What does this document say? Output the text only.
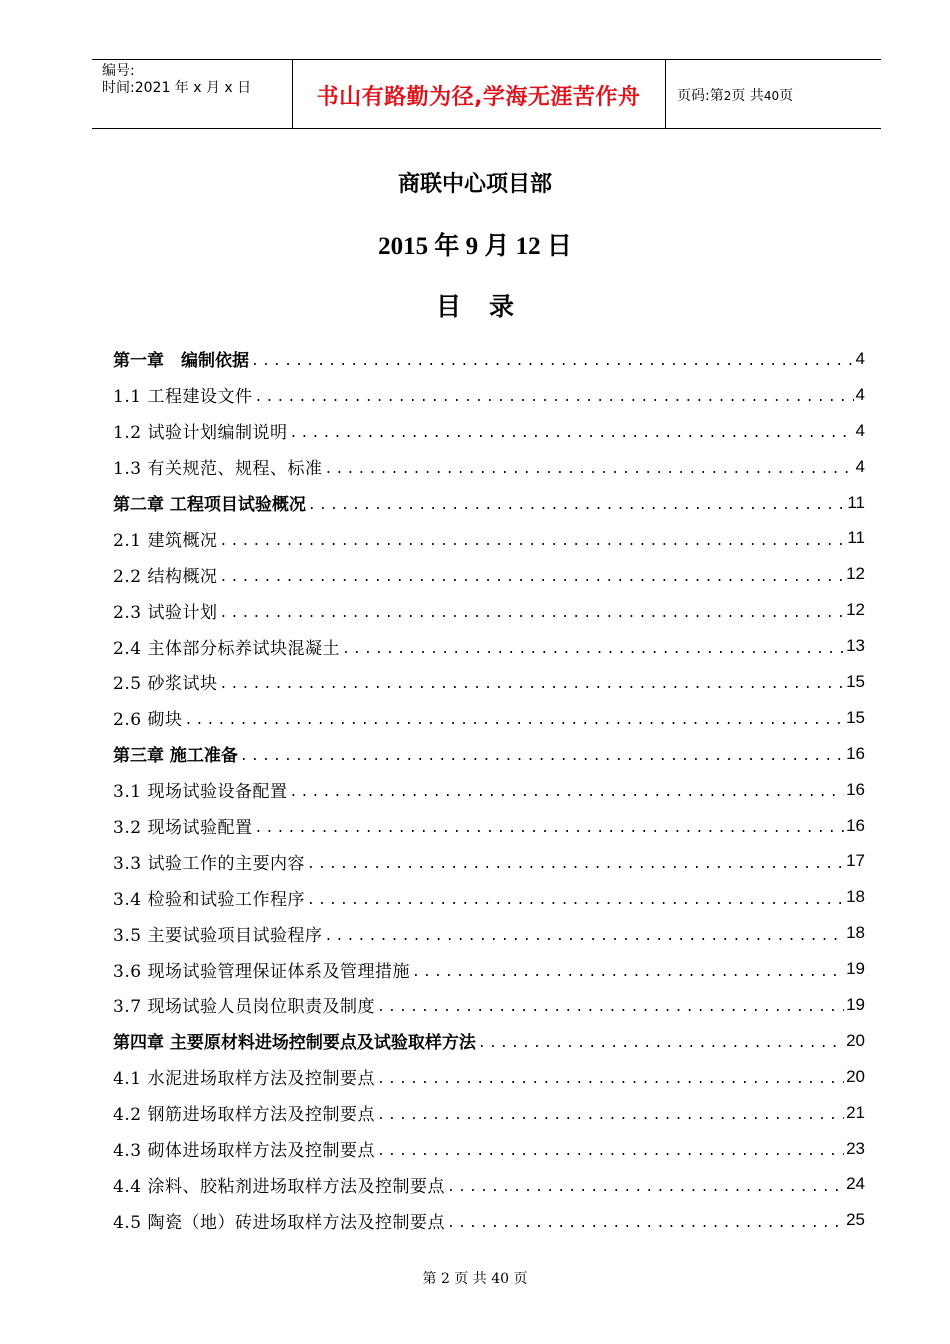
编号:
时间:2021 年 x 月 x 日	书山有路勤为径,学海无涯苦作舟	页码:第2页 共40页
商联中心项目部
2015 年 9 月 12 日
目录
第一章　编制依据 .....	4
1.1 工程建设文件 .....	4
1.2 试验计划编制说明 .....	4
1.3 有关规范、规程、标准 .....	4
第二章 工程项目试验概况 .....	11
2.1 建筑概况 .....	11
2.2 结构概况 .....	12
2.3 试验计划 .....	12
2.4 主体部分标养试块混凝土 .....	13
2.5 砂浆试块 .....	15
2.6 砌块 .....	15
第三章 施工准备 .....	16
3.1 现场试验设备配置 .....	16
3.2 现场试验配置 .....	16
3.3 试验工作的主要内容 .....	17
3.4 检验和试验工作程序 .....	18
3.5 主要试验项目试验程序 .....	18
3.6 现场试验管理保证体系及管理措施 .....	19
3.7 现场试验人员岗位职责及制度 .....	19
第四章 主要原材料进场控制要点及试验取样方法 .....	20
4.1 水泥进场取样方法及控制要点 .....	20
4.2 钢筋进场取样方法及控制要点 .....	21
4.3 砌体进场取样方法及控制要点 .....	23
4.4 涂料、胶粘剂进场取样方法及控制要点 .....	24
4.5 陶瓷（地）砖进场取样方法及控制要点 .....	25
第 2 页 共 40 页
